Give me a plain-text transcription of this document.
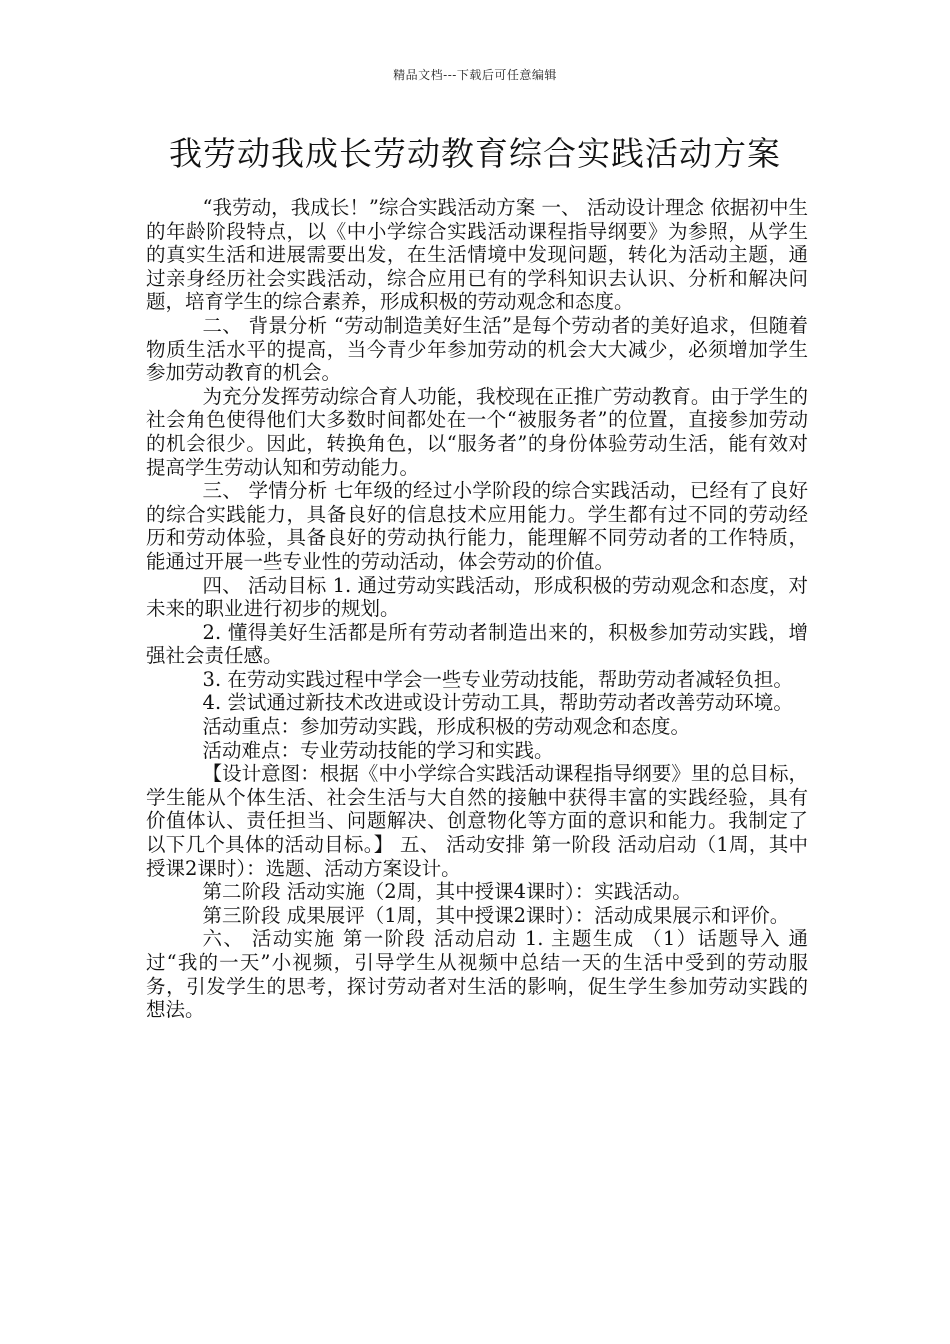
精品文档---下载后可任意编辑
我劳动我成长劳动教育综合实践活动方案

“我劳动，我成长！”综合实践活动方案 一、 活动设计理念 依据初中生的年龄阶段特点，以《中小学综合实践活动课程指导纲要》为参照，从学生的真实生活和进展需要出发，在生活情境中发现问题，转化为活动主题，通过亲身经历社会实践活动，综合应用已有的学科知识去认识、分析和解决问题，培育学生的综合素养，形成积极的劳动观念和态度。

二、 背景分析 “劳动制造美好生活”是每个劳动者的美好追求，但随着物质生活水平的提高，当今青少年参加劳动的机会大大减少，必须增加学生参加劳动教育的机会。

为充分发挥劳动综合育人功能，我校现在正推广劳动教育。由于学生的社会角色使得他们大多数时间都处在一个“被服务者”的位置，直接参加劳动的机会很少。因此，转换角色，以“服务者”的身份体验劳动生活，能有效对提高学生劳动认知和劳动能力。

三、 学情分析 七年级的经过小学阶段的综合实践活动，已经有了良好的综合实践能力，具备良好的信息技术应用能力。学生都有过不同的劳动经历和劳动体验，具备良好的劳动执行能力，能理解不同劳动者的工作特质，能通过开展一些专业性的劳动活动，体会劳动的价值。

四、 活动目标 1. 通过劳动实践活动，形成积极的劳动观念和态度，对未来的职业进行初步的规划。

2. 懂得美好生活都是所有劳动者制造出来的，积极参加劳动实践，增强社会责任感。

3. 在劳动实践过程中学会一些专业劳动技能，帮助劳动者减轻负担。

4. 尝试通过新技术改进或设计劳动工具，帮助劳动者改善劳动环境。

活动重点：参加劳动实践，形成积极的劳动观念和态度。

活动难点：专业劳动技能的学习和实践。

【设计意图：根据《中小学综合实践活动课程指导纲要》里的总目标，学生能从个体生活、社会生活与大自然的接触中获得丰富的实践经验，具有价值体认、责任担当、问题解决、创意物化等方面的意识和能力。我制定了以下几个具体的活动目标。】 五、 活动安排 第一阶段 活动启动（1周，其中授课2课时）：选题、活动方案设计。

第二阶段 活动实施（2周，其中授课4课时）：实践活动。

第三阶段 成果展评（1周，其中授课2课时）：活动成果展示和评价。

六、 活动实施 第一阶段 活动启动 1. 主题生成 （1）话题导入 通过“我的一天”小视频，引导学生从视频中总结一天的生活中受到的劳动服务，引发学生的思考，探讨劳动者对生活的影响，促生学生参加劳动实践的想法。
